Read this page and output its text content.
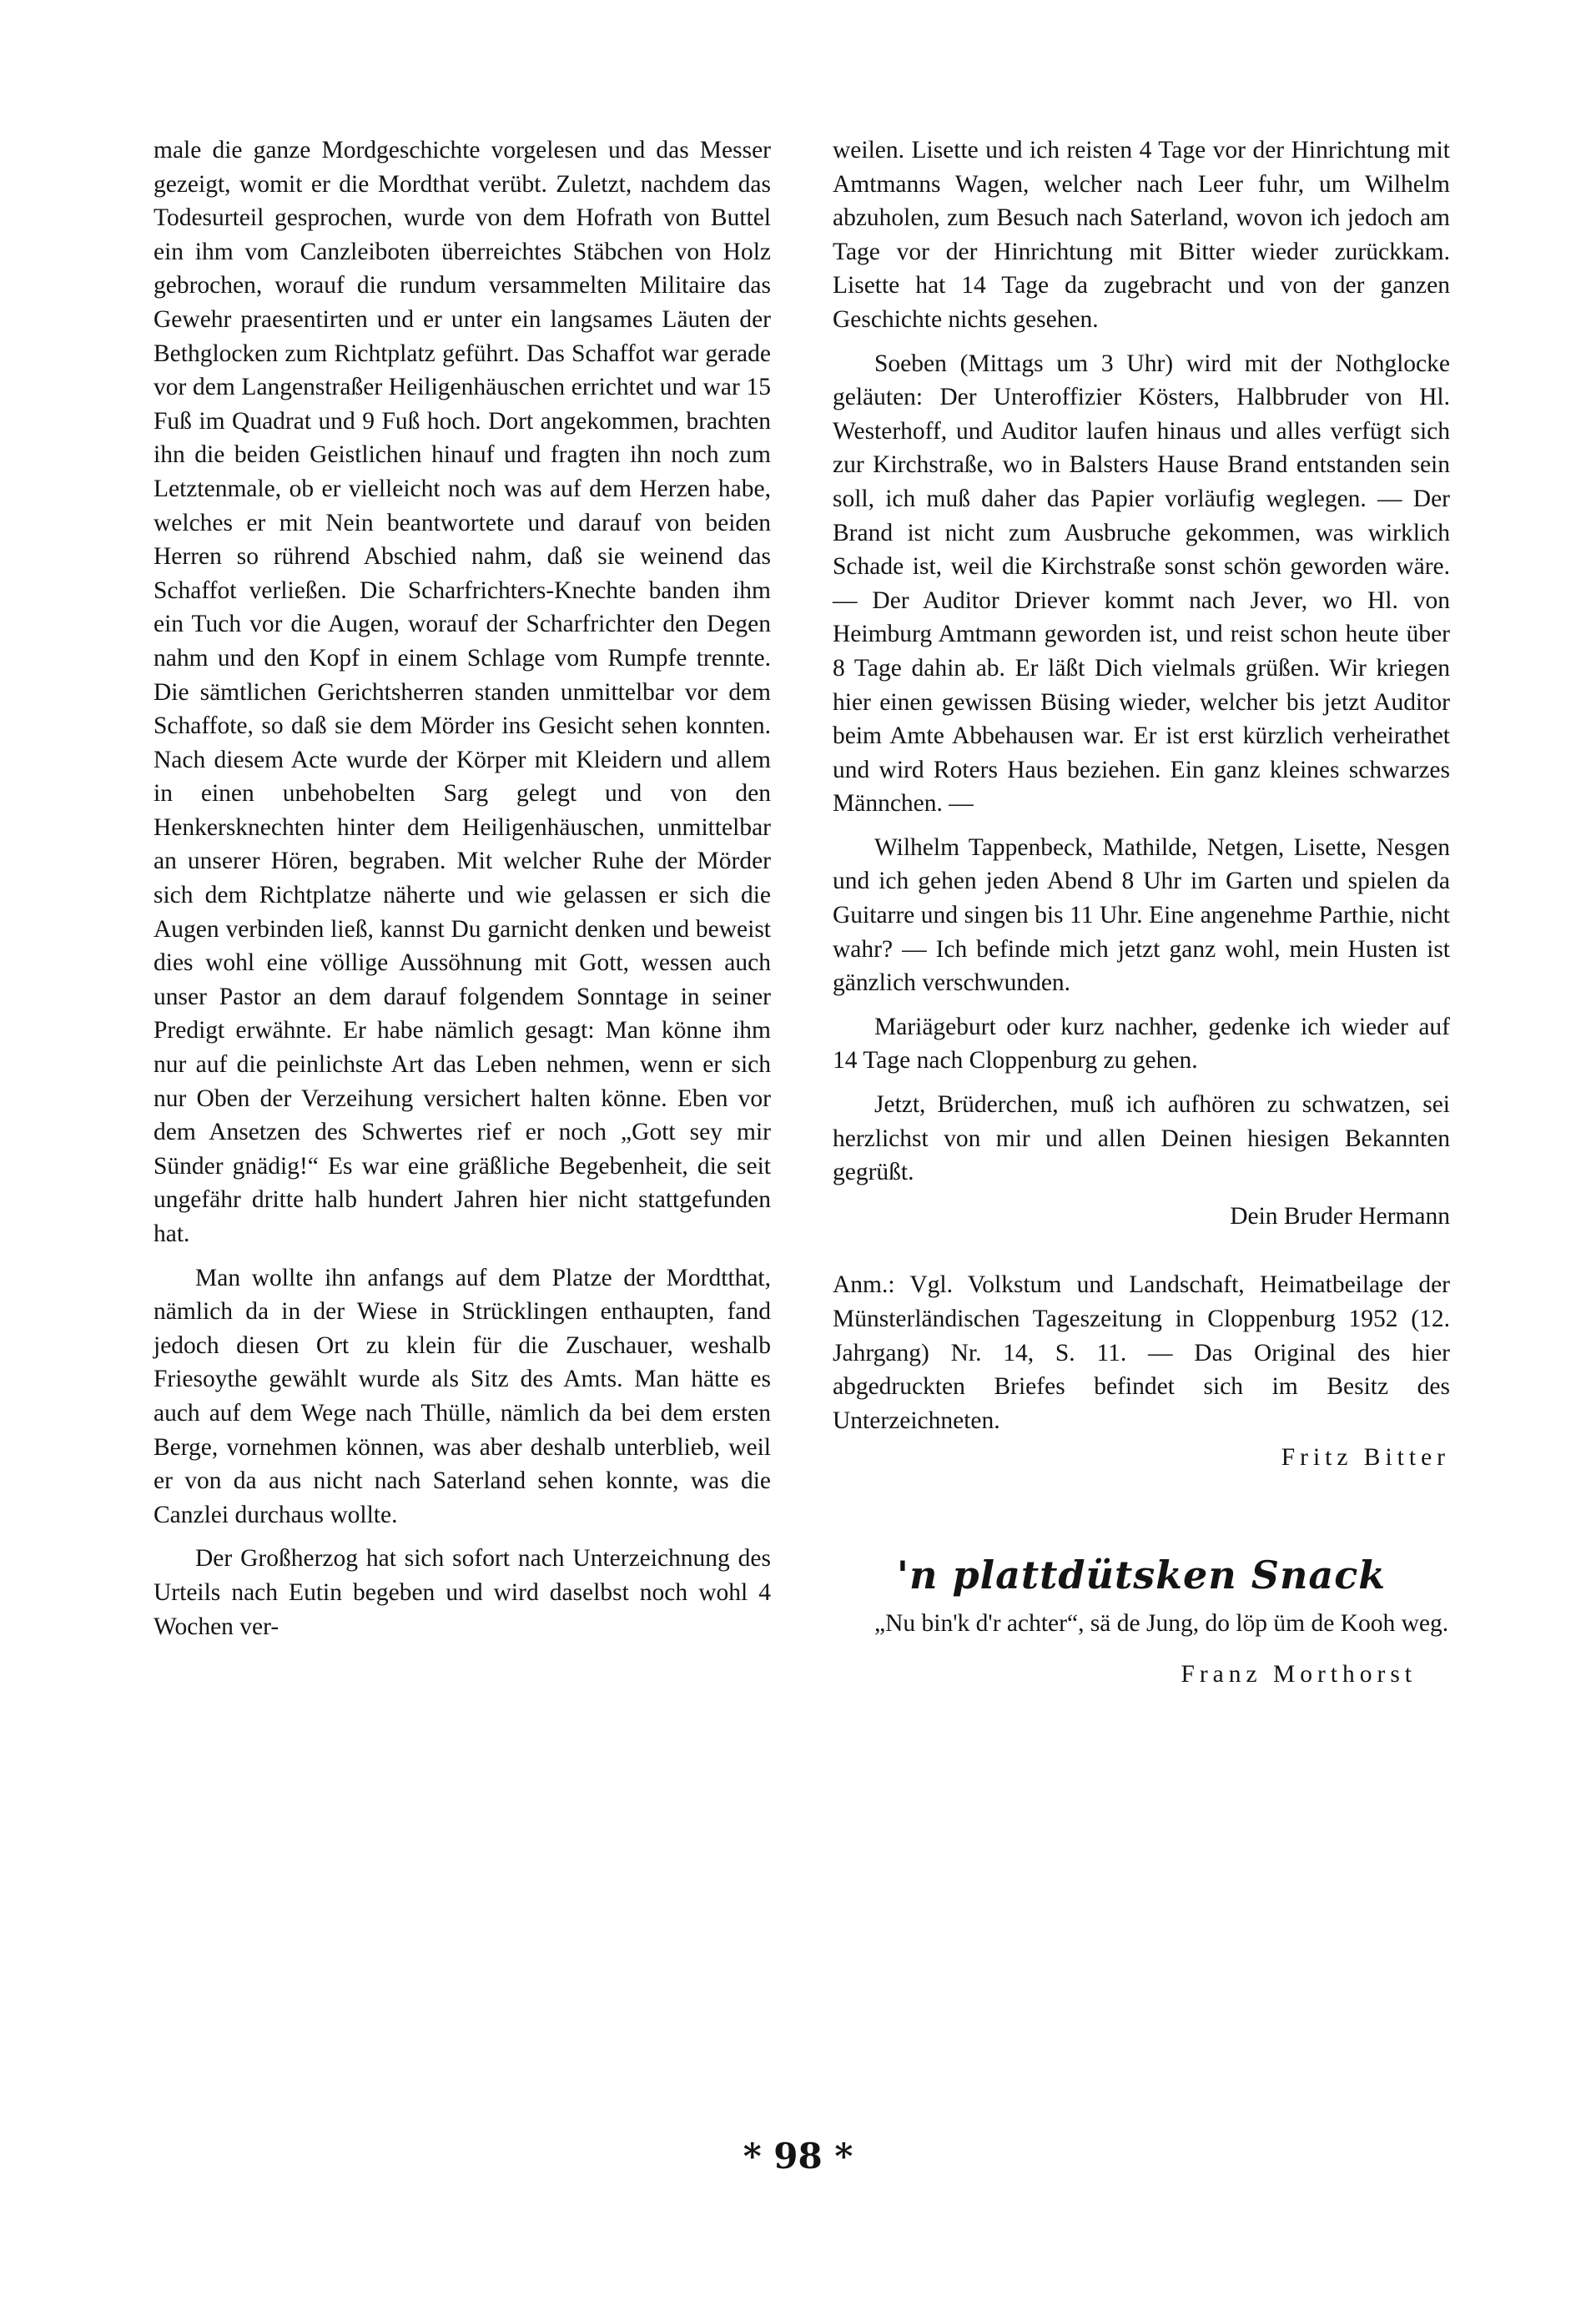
male die ganze Mordgeschichte vorgelesen und das Messer gezeigt, womit er die Mordthat verübt. Zuletzt, nachdem das Todesurteil gesprochen, wurde von dem Hofrath von Buttel ein ihm vom Canzleiboten überreichtes Stäbchen von Holz gebrochen, worauf die rundum versammelten Militaire das Gewehr praesentirten und er unter ein langsames Läuten der Bethglocken zum Richtplatz geführt. Das Schaffot war gerade vor dem Langenstraßer Heiligenhäuschen errichtet und war 15 Fuß im Quadrat und 9 Fuß hoch. Dort angekommen, brachten ihn die beiden Geistlichen hinauf und fragten ihn noch zum Letztenmale, ob er vielleicht noch was auf dem Herzen habe, welches er mit Nein beantwortete und darauf von beiden Herren so rührend Abschied nahm, daß sie weinend das Schaffot verließen. Die Scharfrichters-Knechte banden ihm ein Tuch vor die Augen, worauf der Scharfrichter den Degen nahm und den Kopf in einem Schlage vom Rumpfe trennte. Die sämtlichen Gerichtsherren standen unmittelbar vor dem Schaffote, so daß sie dem Mörder ins Gesicht sehen konnten. Nach diesem Acte wurde der Körper mit Kleidern und allem in einen unbehobelten Sarg gelegt und von den Henkersknechten hinter dem Heiligenhäuschen, unmittelbar an unserer Hören, begraben. Mit welcher Ruhe der Mörder sich dem Richtplatze näherte und wie gelassen er sich die Augen verbinden ließ, kannst Du garnicht denken und beweist dies wohl eine völlige Aussöhnung mit Gott, wessen auch unser Pastor an dem darauf folgendem Sonntage in seiner Predigt erwähnte. Er habe nämlich gesagt: Man könne ihm nur auf die peinlichste Art das Leben nehmen, wenn er sich nur Oben der Verzeihung versichert halten könne. Eben vor dem Ansetzen des Schwertes rief er noch „Gott sey mir Sünder gnädig!“ Es war eine gräßliche Begebenheit, die seit ungefähr dritte halb hundert Jahren hier nicht stattgefunden hat.

Man wollte ihn anfangs auf dem Platze der Mordtthat, nämlich da in der Wiese in Strücklingen enthaupten, fand jedoch diesen Ort zu klein für die Zuschauer, weshalb Friesoythe gewählt wurde als Sitz des Amts. Man hätte es auch auf dem Wege nach Thülle, nämlich da bei dem ersten Berge, vornehmen können, was aber deshalb unterblieb, weil er von da aus nicht nach Saterland sehen konnte, was die Canzlei durchaus wollte.

Der Großherzog hat sich sofort nach Unterzeichnung des Urteils nach Eutin begeben und wird daselbst noch wohl 4 Wochen ver-

weilen. Lisette und ich reisten 4 Tage vor der Hinrichtung mit Amtmanns Wagen, welcher nach Leer fuhr, um Wilhelm abzuholen, zum Besuch nach Saterland, wovon ich jedoch am Tage vor der Hinrichtung mit Bitter wieder zurückkam. Lisette hat 14 Tage da zugebracht und von der ganzen Geschichte nichts gesehen.

Soeben (Mittags um 3 Uhr) wird mit der Nothglocke geläuten: Der Unteroffizier Kösters, Halbbruder von Hl. Westerhoff, und Auditor laufen hinaus und alles verfügt sich zur Kirchstraße, wo in Balsters Hause Brand entstanden sein soll, ich muß daher das Papier vorläufig weglegen. — Der Brand ist nicht zum Ausbruche gekommen, was wirklich Schade ist, weil die Kirchstraße sonst schön geworden wäre. — Der Auditor Driever kommt nach Jever, wo Hl. von Heimburg Amtmann geworden ist, und reist schon heute über 8 Tage dahin ab. Er läßt Dich vielmals grüßen. Wir kriegen hier einen gewissen Büsing wieder, welcher bis jetzt Auditor beim Amte Abbehausen war. Er ist erst kürzlich verheirathet und wird Roters Haus beziehen. Ein ganz kleines schwarzes Männchen. —

Wilhelm Tappenbeck, Mathilde, Netgen, Lisette, Nesgen und ich gehen jeden Abend 8 Uhr im Garten und spielen da Guitarre und singen bis 11 Uhr. Eine angenehme Parthie, nicht wahr? — Ich befinde mich jetzt ganz wohl, mein Husten ist gänzlich verschwunden.

Mariägeburt oder kurz nachher, gedenke ich wieder auf 14 Tage nach Cloppenburg zu gehen.

Jetzt, Brüderchen, muß ich aufhören zu schwatzen, sei herzlichst von mir und allen Deinen hiesigen Bekannten gegrüßt.

Dein Bruder Hermann
Anm.: Vgl. Volkstum und Landschaft, Heimatbeilage der Münsterländischen Tageszeitung in Cloppenburg 1952 (12. Jahrgang) Nr. 14, S. 11. — Das Original des hier abgedruckten Briefes befindet sich im Besitz des Unterzeichneten.
Fritz Bitter
'n plattdütsken Snack
„Nu bin'k d'r achter“, sä de Jung, do löp üm de Kooh weg.
Franz Morthorst
* 98 *
